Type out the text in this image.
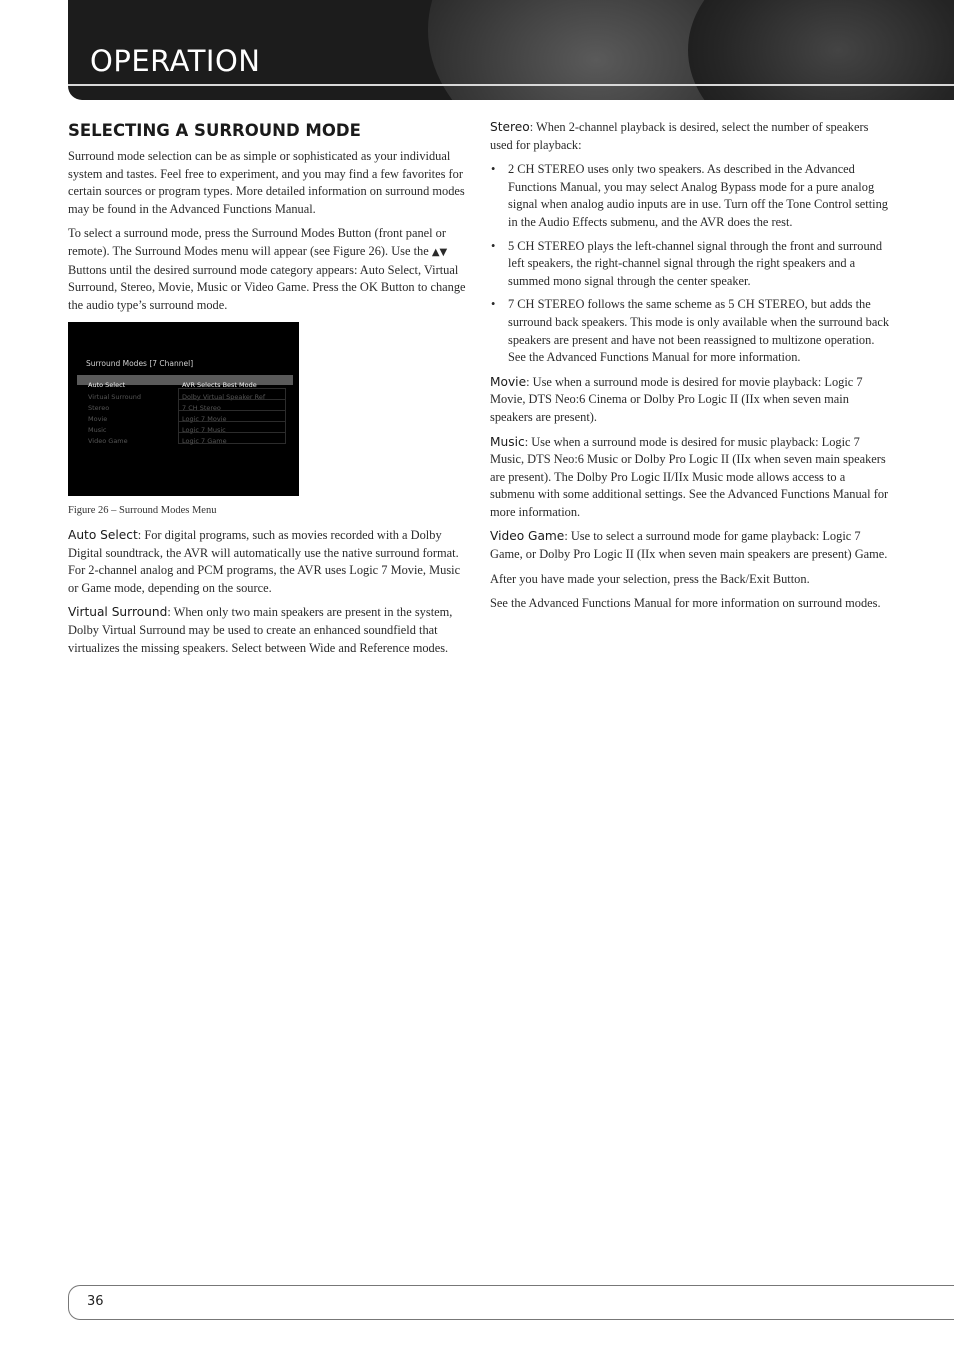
OPERATION
SELECTING A SURROUND MODE

Surround mode selection can be as simple or sophisticated as your individual system and tastes. Feel free to experiment, and you may find a few favorites for certain sources or program types. More detailed information on surround modes may be found in the Advanced Functions Manual.

To select a surround mode, press the Surround Modes Button (front panel or remote). The Surround Modes menu will appear (see Figure 26). Use the ▲▼ Buttons until the desired surround mode category appears: Auto Select, Virtual Surround, Stereo, Movie, Music or Video Game. Press the OK Button to change the audio type’s surround mode.

Surround Modes [7 Channel]
Auto Select	AVR Selects Best Mode
Virtual Surround	Dolby Virtual Speaker Ref
Stereo	7 CH Stereo
Movie	Logic 7 Movie
Music	Logic 7 Music
Video Game	Logic 7 Game

Figure 26 – Surround Modes Menu

Auto Select: For digital programs, such as movies recorded with a Dolby Digital soundtrack, the AVR will automatically use the native surround format. For 2-channel analog and PCM programs, the AVR uses Logic 7 Movie, Music or Game mode, depending on the source.

Virtual Surround: When only two main speakers are present in the system, Dolby Virtual Surround may be used to create an enhanced soundfield that virtualizes the missing speakers. Select between Wide and Reference modes.

Stereo: When 2-channel playback is desired, select the number of speakers used for playback:

• 2 CH STEREO uses only two speakers. As described in the Advanced Functions Manual, you may select Analog Bypass mode for a pure analog signal when analog audio inputs are in use. Turn off the Tone Control setting in the Audio Effects submenu, and the AVR does the rest.
• 5 CH STEREO plays the left-channel signal through the front and surround left speakers, the right-channel signal through the right speakers and a summed mono signal through the center speaker.
• 7 CH STEREO follows the same scheme as 5 CH STEREO, but adds the surround back speakers. This mode is only available when the surround back speakers are present and have not been reassigned to multizone operation. See the Advanced Functions Manual for more information.

Movie: Use when a surround mode is desired for movie playback: Logic 7 Movie, DTS Neo:6 Cinema or Dolby Pro Logic II (IIx when seven main speakers are present).

Music: Use when a surround mode is desired for music playback: Logic 7 Music, DTS Neo:6 Music or Dolby Pro Logic II (IIx when seven main speakers are present). The Dolby Pro Logic II/IIx Music mode allows access to a submenu with some additional settings. See the Advanced Functions Manual for more information.

Video Game: Use to select a surround mode for game playback: Logic 7 Game, or Dolby Pro Logic II (IIx when seven main speakers are present) Game.

After you have made your selection, press the Back/Exit Button.

See the Advanced Functions Manual for more information on surround modes.

36
